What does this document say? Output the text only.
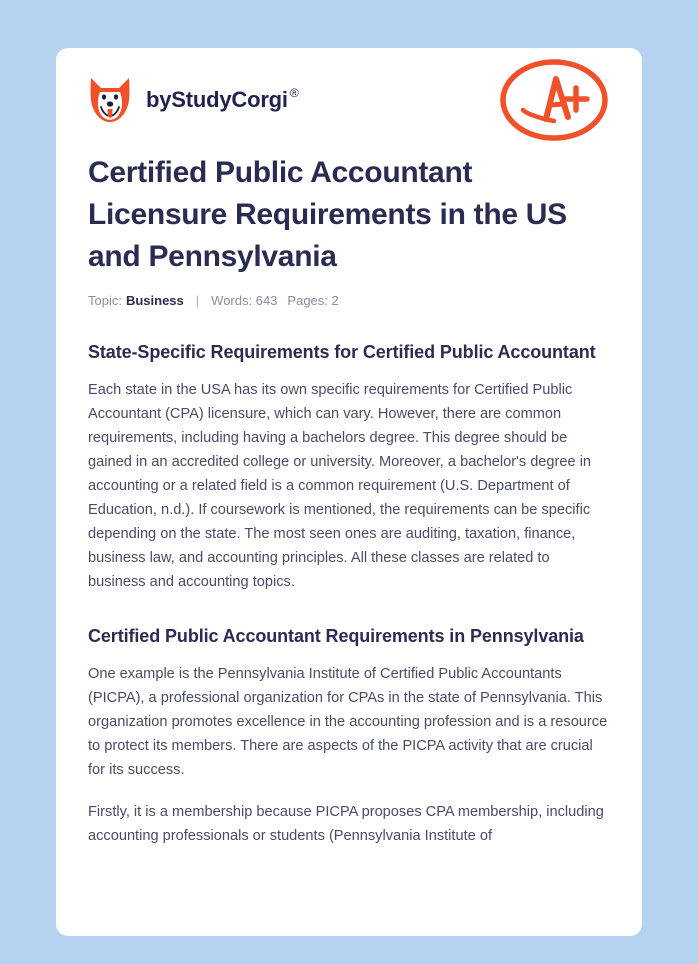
by StudyCorgi ®
Certified Public Accountant Licensure Requirements in the US and Pennsylvania
Topic: Business | Words: 643 Pages: 2
State-Specific Requirements for Certified Public Accountant

Each state in the USA has its own specific requirements for Certified Public Accountant (CPA) licensure, which can vary. However, there are common requirements, including having a bachelors degree. This degree should be gained in an accredited college or university. Moreover, a bachelor's degree in accounting or a related field is a common requirement (U.S. Department of Education, n.d.). If coursework is mentioned, the requirements can be specific depending on the state. The most seen ones are auditing, taxation, finance, business law, and accounting principles. All these classes are related to business and accounting topics.

Certified Public Accountant Requirements in Pennsylvania

One example is the Pennsylvania Institute of Certified Public Accountants (PICPA), a professional organization for CPAs in the state of Pennsylvania. This organization promotes excellence in the accounting profession and is a resource to protect its members. There are aspects of the PICPA activity that are crucial for its success.

Firstly, it is a membership because PICPA proposes CPA membership, including accounting professionals or students (Pennsylvania Institute of
